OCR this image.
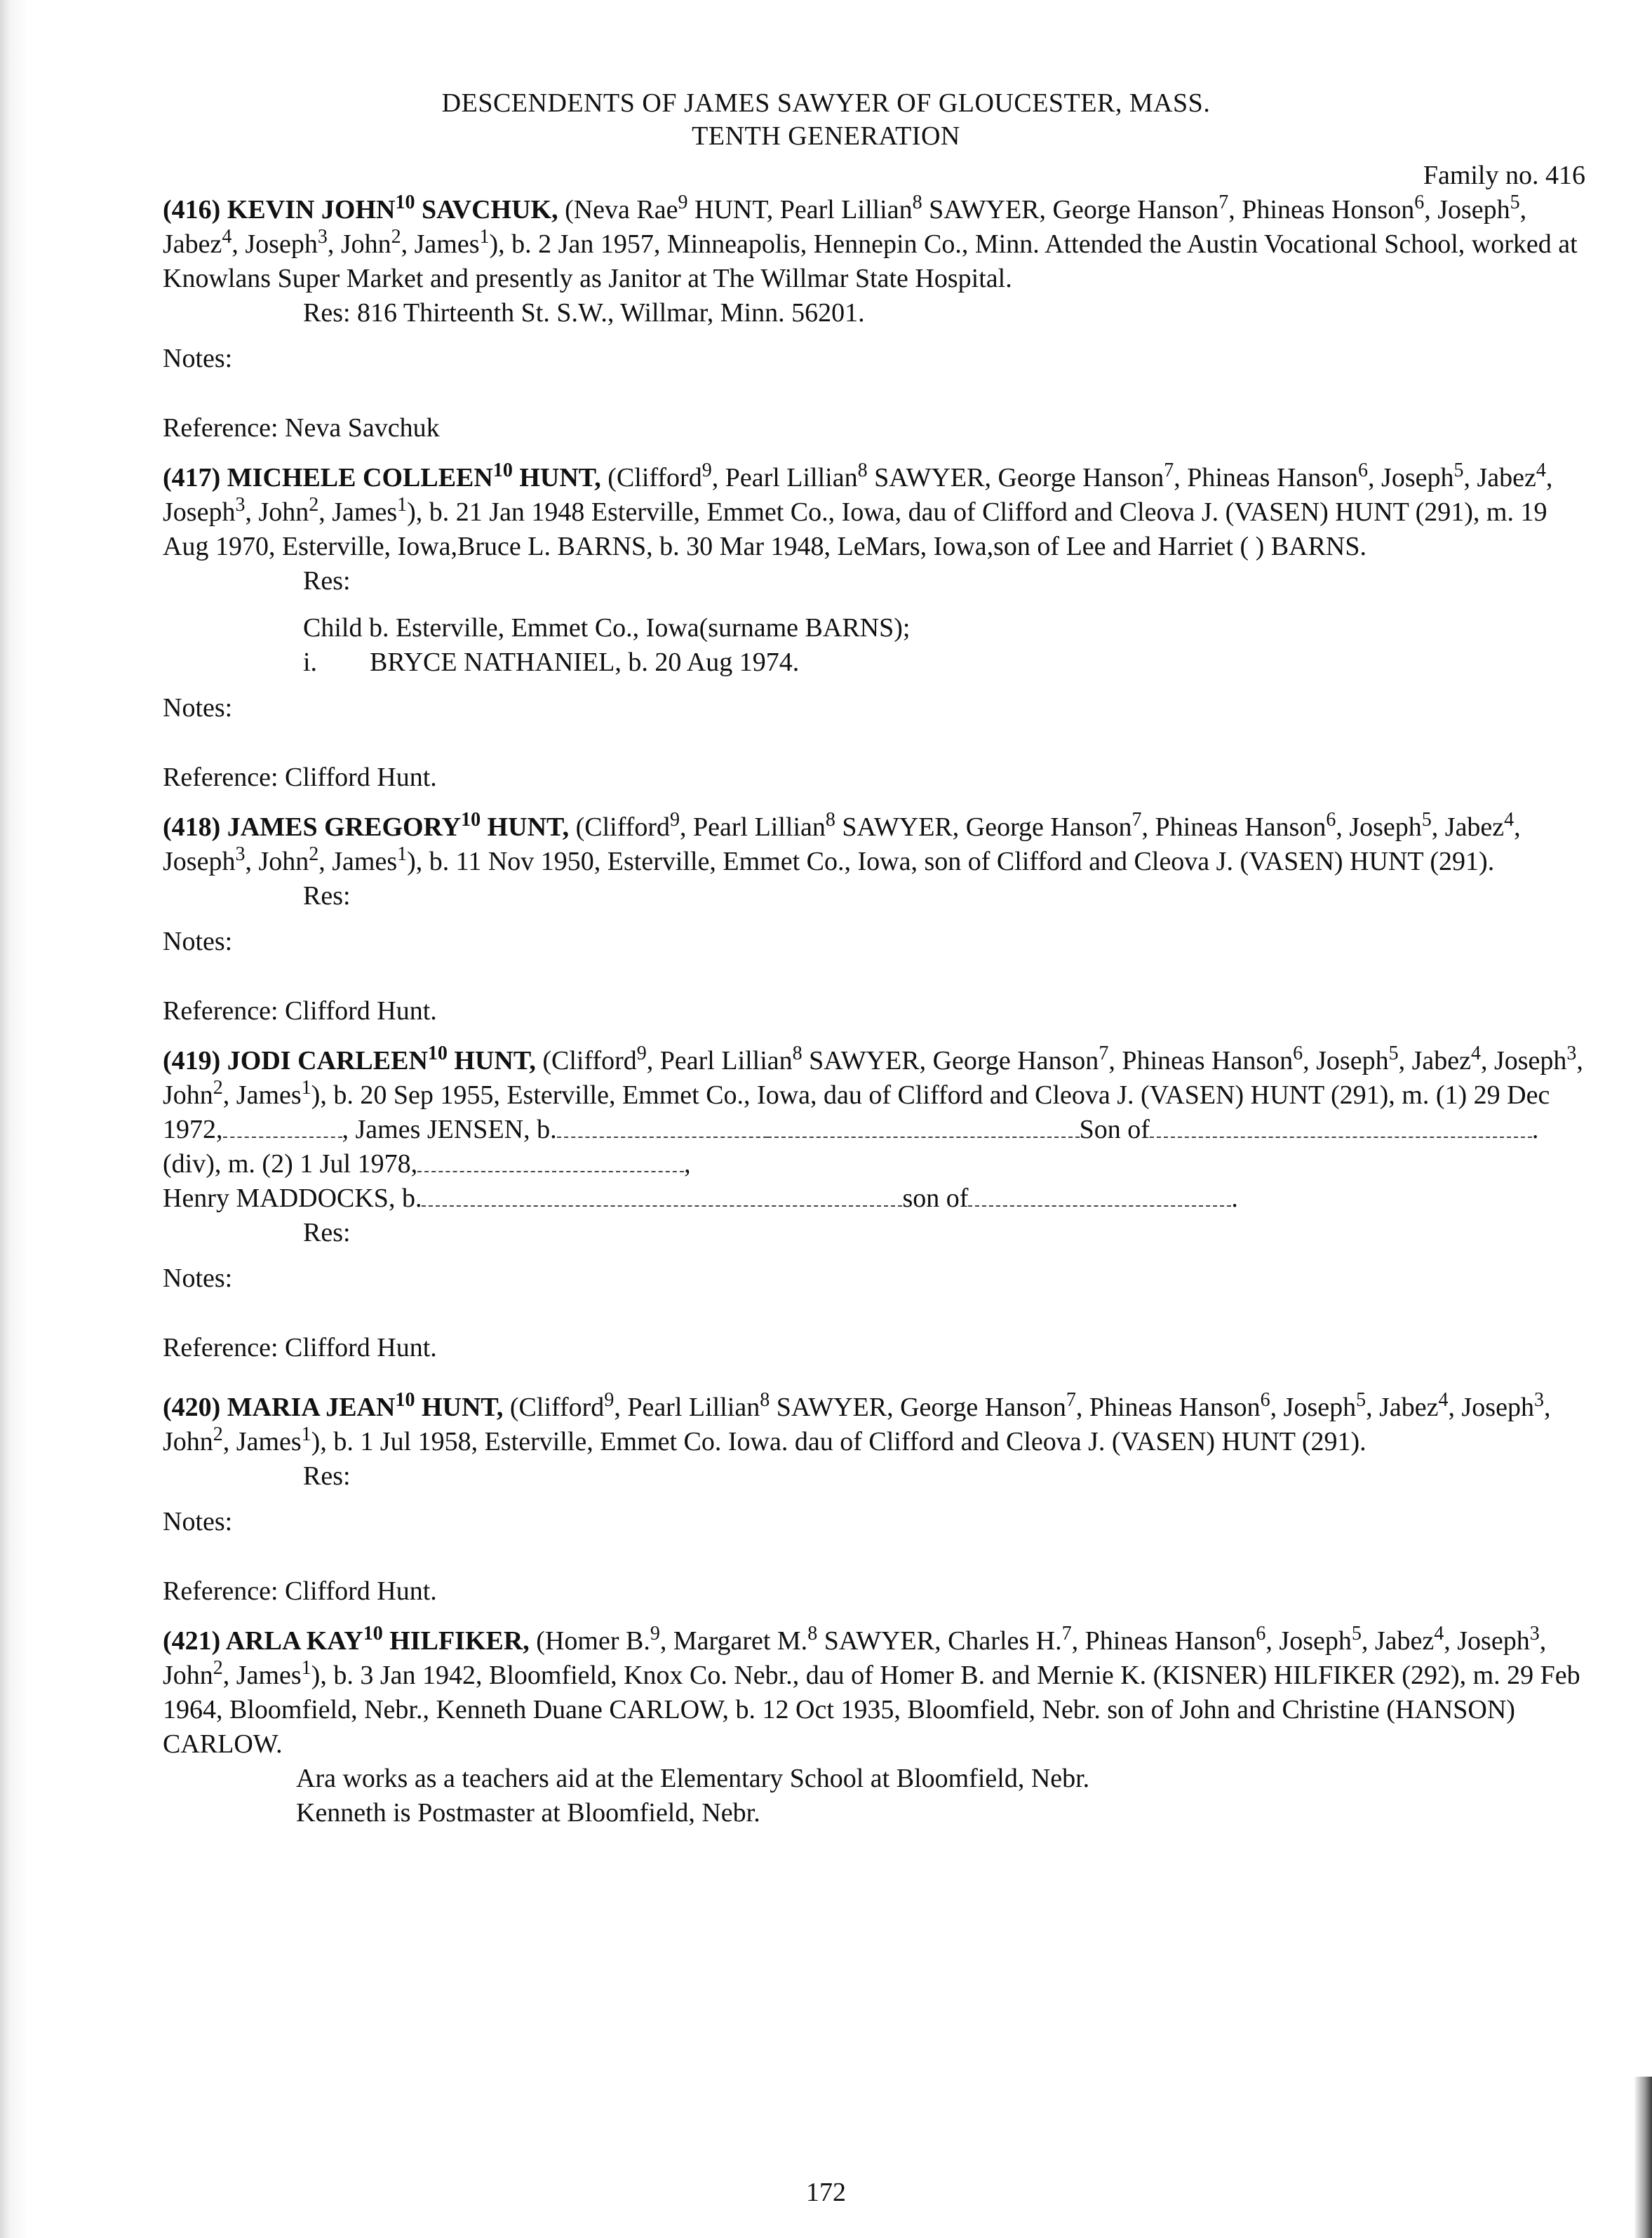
DESCENDENTS OF JAMES SAWYER OF GLOUCESTER, MASS.
TENTH GENERATION
Family no. 416
(416) KEVIN JOHN$^{10}$ SAVCHUK, (Neva Rae$^9$ HUNT, Pearl Lillian$^8$ SAWYER, George Hanson$^7$, Phineas Honson$^6$, Joseph$^5$, Jabez$^4$, Joseph$^3$, John$^2$, James$^1$), b. 2 Jan 1957, Minneapolis, Hennepin Co., Minn. Attended the Austin Vocational School, worked at Knowlans Super Market and presently as Janitor at The Willmar State Hospital.
Res: 816 Thirteenth St. S.W., Willmar, Minn. 56201.
Notes:
Reference: Neva Savchuk
(417) MICHELE COLLEEN$^{10}$ HUNT, (Clifford$^9$, Pearl Lillian$^8$ SAWYER, George Hanson$^7$, Phineas Hanson$^6$, Joseph$^5$, Jabez$^4$, Joseph$^3$, John$^2$, James$^1$), b. 21 Jan 1948 Esterville, Emmet Co., Iowa, dau of Clifford and Cleova J. (VASEN) HUNT (291), m. 19 Aug 1970, Esterville, Iowa,Bruce L. BARNS, b. 30 Mar 1948, LeMars, Iowa,son of Lee and Harriet ( ) BARNS.
Res:
Child b. Esterville, Emmet Co., Iowa(surname BARNS);
i.	BRYCE NATHANIEL, b. 20 Aug 1974.
Notes:
Reference: Clifford Hunt.
(418) JAMES GREGORY$^{10}$ HUNT, (Clifford$^9$, Pearl Lillian$^8$ SAWYER, George Hanson$^7$, Phineas Hanson$^6$, Joseph$^5$, Jabez$^4$, Joseph$^3$, John$^2$, James$^1$), b. 11 Nov 1950, Esterville, Emmet Co., Iowa, son of Clifford and Cleova J. (VASEN) HUNT (291).
Res:
Notes:
Reference: Clifford Hunt.
(419) JODI CARLEEN$^{10}$ HUNT, (Clifford$^9$, Pearl Lillian$^8$ SAWYER, George Hanson$^7$, Phineas Hanson$^6$, Joseph$^5$, Jabez$^4$, Joseph$^3$, John$^2$, James$^1$), b. 20 Sep 1955, Esterville, Emmet Co., Iowa, dau of Clifford and Cleova J. (VASEN) HUNT (291), m. (1) 29 Dec 1972,	, James JENSEN, b.	Son of	. (div), m. (2) 1 Jul 1978,	,
Henry MADDOCKS, b.	son of	.
Res:
Notes:
Reference: Clifford Hunt.
(420) MARIA JEAN$^{10}$ HUNT, (Clifford$^9$, Pearl Lillian$^8$ SAWYER, George Hanson$^7$, Phineas Hanson$^6$, Joseph$^5$, Jabez$^4$, Joseph$^3$, John$^2$, James$^1$), b. 1 Jul 1958, Esterville, Emmet Co. Iowa. dau of Clifford and Cleova J. (VASEN) HUNT (291).
Res:
Notes:
Reference: Clifford Hunt.
(421) ARLA KAY$^{10}$ HILFIKER, (Homer B.$^9$, Margaret M.$^8$ SAWYER, Charles H.$^7$, Phineas Hanson$^6$, Joseph$^5$, Jabez$^4$, Joseph$^3$, John$^2$, James$^1$), b. 3 Jan 1942, Bloomfield, Knox Co. Nebr., dau of Homer B. and Mernie K. (KISNER) HILFIKER (292), m. 29 Feb 1964, Bloomfield, Nebr., Kenneth Duane CARLOW, b. 12 Oct 1935, Bloomfield, Nebr. son of John and Christine (HANSON) CARLOW.
Ara works as a teachers aid at the Elementary School at Bloomfield, Nebr.
Kenneth is Postmaster at Bloomfield, Nebr.
172
